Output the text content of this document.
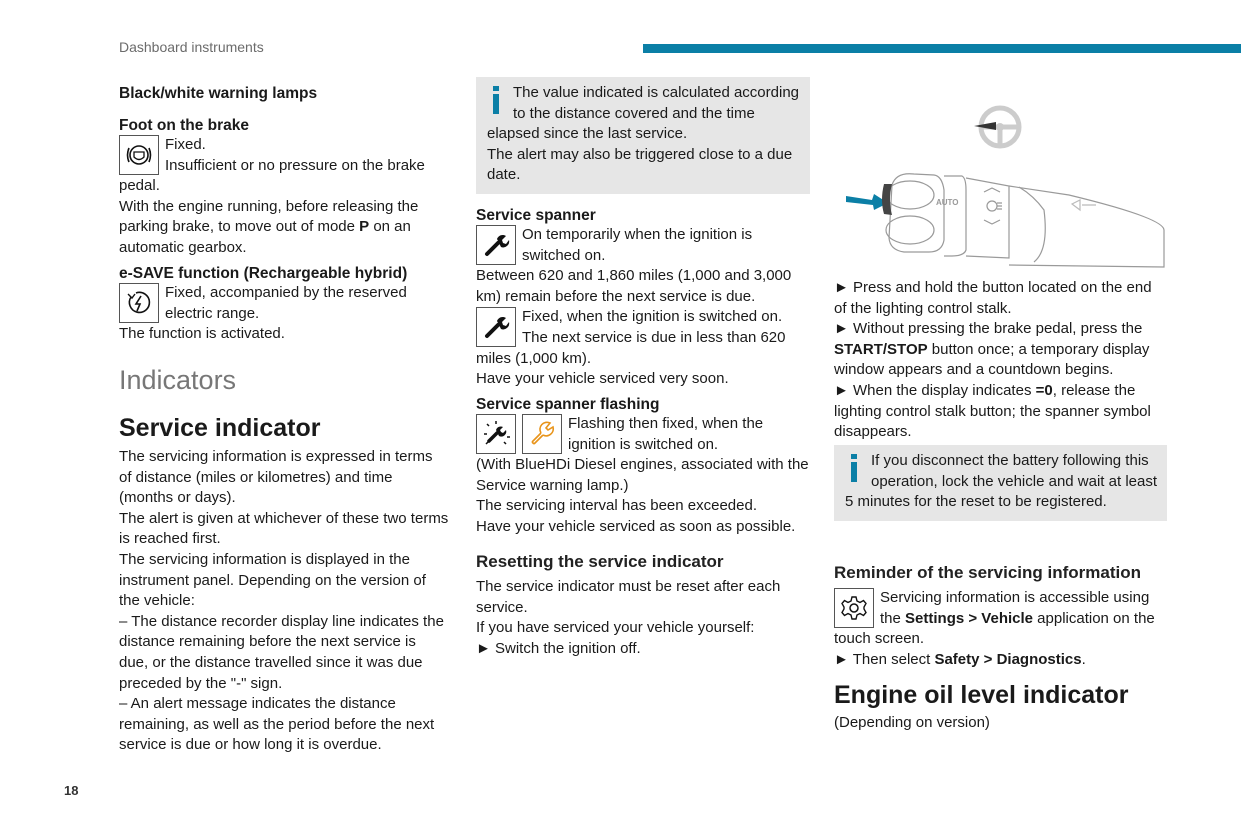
Dashboard instruments
18
Black/white warning lamps
Foot on the brake

Fixed.

Insufficient or no pressure on the brake pedal.

With the engine running, before releasing the parking brake, to move out of mode P on an automatic gearbox.

e-SAVE function (Rechargeable hybrid)

Fixed, accompanied by the reserved electric range.

The function is activated.

Indicators
Service indicator

The servicing information is expressed in terms of distance (miles or kilometres) and time (months or days).

The alert is given at whichever of these two terms is reached first.

The servicing information is displayed in the instrument panel. Depending on the version of the vehicle:

– The distance recorder display line indicates the distance remaining before the next service is due, or the distance travelled since it was due preceded by the "-" sign.

– An alert message indicates the distance remaining, as well as the period before the next service is due or how long it is overdue.

The value indicated is calculated according to the distance covered and the time elapsed since the last service.

The alert may also be triggered close to a due date.

Service spanner

On temporarily when the ignition is switched on.

Between 620 and 1,860 miles (1,000 and 3,000 km) remain before the next service is due.

Fixed, when the ignition is switched on. The next service is due in less than 620 miles (1,000 km).

Have your vehicle serviced very soon.

Service spanner flashing

Flashing then fixed, when the ignition is switched on.

(With BlueHDi Diesel engines, associated with the Service warning lamp.)

The servicing interval has been exceeded.

Have your vehicle serviced as soon as possible.

Resetting the service indicator

The service indicator must be reset after each service.

If you have serviced your vehicle yourself:

► Switch the ignition off.

AUTO

► Press and hold the button located on the end of the lighting control stalk.

► Without pressing the brake pedal, press the START/STOP button once; a temporary display window appears and a countdown begins.

► When the display indicates =0, release the lighting control stalk button; the spanner symbol disappears.

If you disconnect the battery following this operation, lock the vehicle and wait at least 5 minutes for the reset to be registered.

Reminder of the servicing information

Servicing information is accessible using the Settings > Vehicle application on the touch screen.

► Then select Safety > Diagnostics.

Engine oil level indicator

(Depending on version)
